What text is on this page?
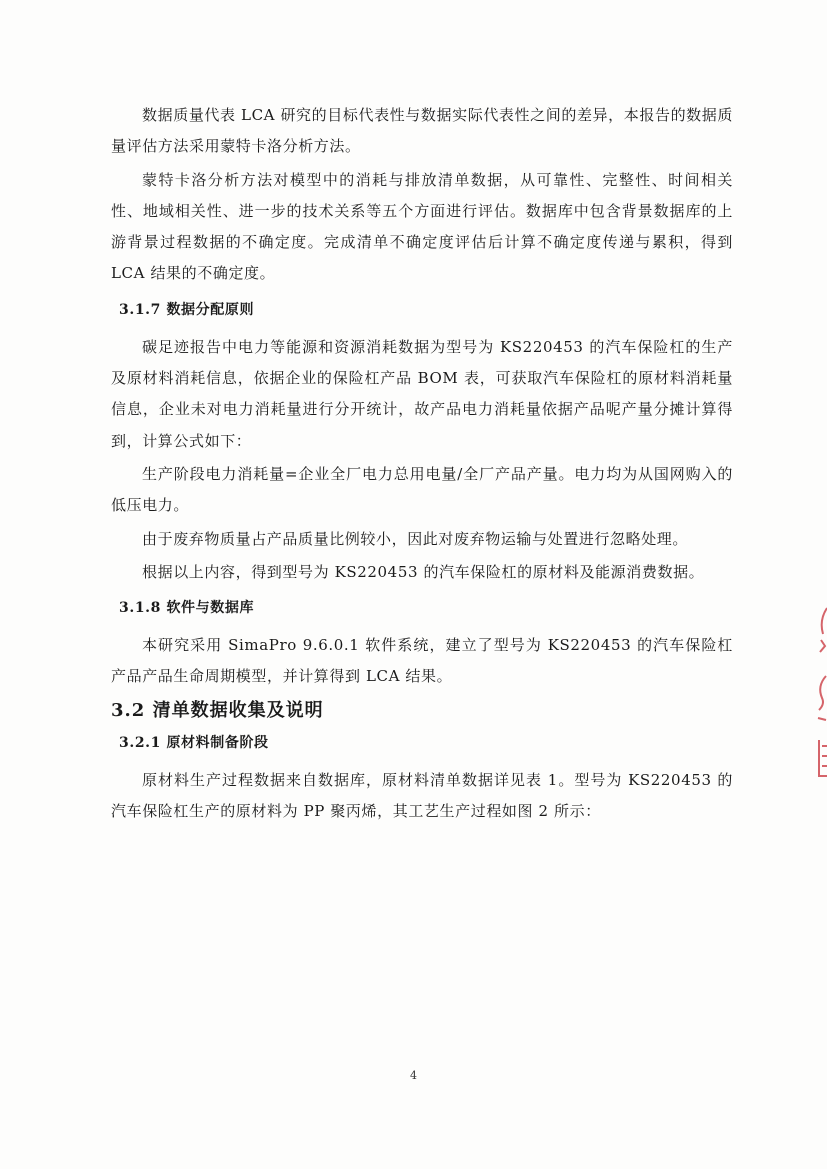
数据质量代表 LCA 研究的目标代表性与数据实际代表性之间的差异，本报告的数据质量评估方法采用蒙特卡洛分析方法。

蒙特卡洛分析方法对模型中的消耗与排放清单数据，从可靠性、完整性、时间相关性、地域相关性、进一步的技术关系等五个方面进行评估。数据库中包含背景数据库的上游背景过程数据的不确定度。完成清单不确定度评估后计算不确定度传递与累积，得到 LCA 结果的不确定度。

3.1.7 数据分配原则

碳足迹报告中电力等能源和资源消耗数据为型号为 KS220453 的汽车保险杠的生产及原材料消耗信息，依据企业的保险杠产品 BOM 表，可获取汽车保险杠的原材料消耗量信息，企业未对电力消耗量进行分开统计，故产品电力消耗量依据产品呢产量分摊计算得到，计算公式如下：

生产阶段电力消耗量=企业全厂电力总用电量/全厂产品产量。电力均为从国网购入的低压电力。

由于废弃物质量占产品质量比例较小，因此对废弃物运输与处置进行忽略处理。

根据以上内容，得到型号为 KS220453 的汽车保险杠的原材料及能源消费数据。

3.1.8 软件与数据库

本研究采用 SimaPro 9.6.0.1 软件系统，建立了型号为 KS220453 的汽车保险杠产品产品生命周期模型，并计算得到 LCA 结果。

3.2 清单数据收集及说明
3.2.1 原材料制备阶段

原材料生产过程数据来自数据库，原材料清单数据详见表 1。型号为 KS220453 的汽车保险杠生产的原材料为 PP 聚丙烯，其工艺生产过程如图 2 所示：

4
